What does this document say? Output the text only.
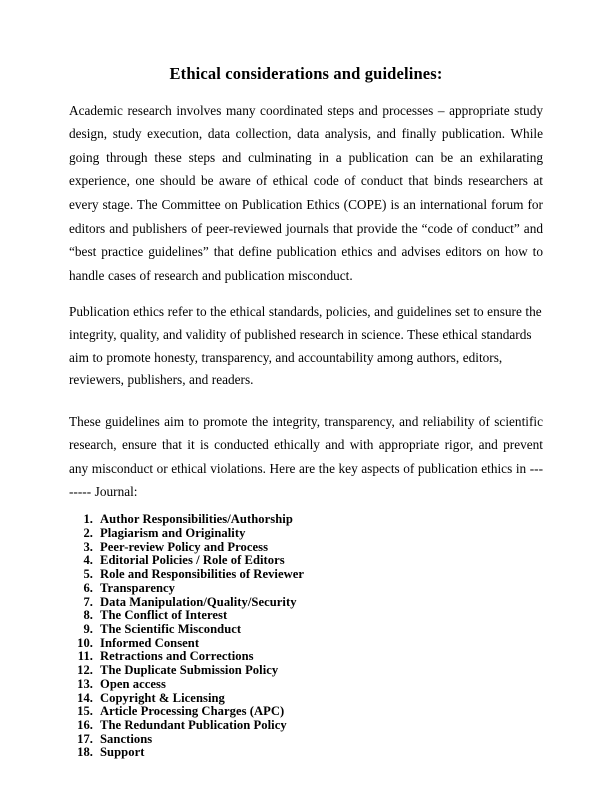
Ethical considerations and guidelines:

Academic research involves many coordinated steps and processes – appropriate study design, study execution, data collection, data analysis, and finally publication. While going through these steps and culminating in a publication can be an exhilarating experience, one should be aware of ethical code of conduct that binds researchers at every stage. The Committee on Publication Ethics (COPE) is an international forum for editors and publishers of peer-reviewed journals that provide the “code of conduct” and “best practice guidelines” that define publication ethics and advises editors on how to handle cases of research and publication misconduct.

Publication ethics refer to the ethical standards, policies, and guidelines set to ensure the integrity, quality, and validity of published research in science. These ethical standards aim to promote honesty, transparency, and accountability among authors, editors, reviewers, publishers, and readers.

These guidelines aim to promote the integrity, transparency, and reliability of scientific research, ensure that it is conducted ethically and with appropriate rigor, and prevent any misconduct or ethical violations. Here are the key aspects of publication ethics in -------- Journal:

1. Author Responsibilities/Authorship
2. Plagiarism and Originality
3. Peer-review Policy and Process
4. Editorial Policies / Role of Editors
5. Role and Responsibilities of Reviewer
6. Transparency
7. Data Manipulation/Quality/Security
8. The Conflict of Interest
9. The Scientific Misconduct
10. Informed Consent
11. Retractions and Corrections
12. The Duplicate Submission Policy
13. Open access
14. Copyright & Licensing
15. Article Processing Charges (APC)
16. The Redundant Publication Policy
17. Sanctions
18. Support
